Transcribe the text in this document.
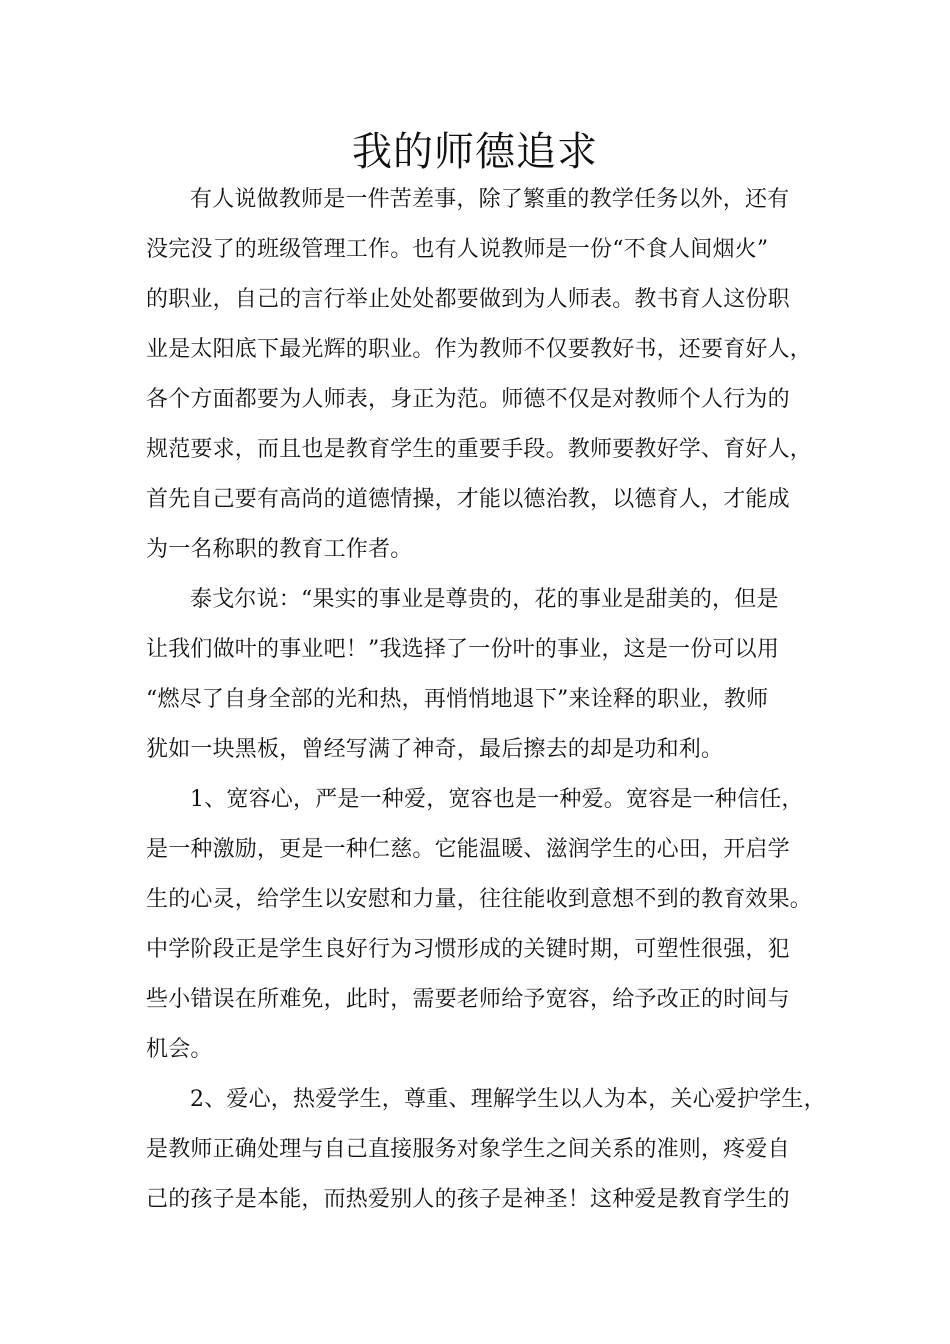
我的师德追求

有人说做教师是一件苦差事，除了繁重的教学任务以外，还有

没完没了的班级管理工作。也有人说教师是一份“不食人间烟火”

的职业，自己的言行举止处处都要做到为人师表。教书育人这份职

业是太阳底下最光辉的职业。作为教师不仅要教好书，还要育好人，

各个方面都要为人师表，身正为范。师德不仅是对教师个人行为的

规范要求，而且也是教育学生的重要手段。教师要教好学、育好人，

首先自己要有高尚的道德情操，才能以德治教，以德育人，才能成

为一名称职的教育工作者。

泰戈尔说：“果实的事业是尊贵的，花的事业是甜美的，但是

让我们做叶的事业吧！”我选择了一份叶的事业，这是一份可以用

“燃尽了自身全部的光和热，再悄悄地退下”来诠释的职业，教师

犹如一块黑板，曾经写满了神奇，最后擦去的却是功和利。

1、宽容心，严是一种爱，宽容也是一种爱。宽容是一种信任，

是一种激励，更是一种仁慈。它能温暖、滋润学生的心田，开启学

生的心灵，给学生以安慰和力量，往往能收到意想不到的教育效果。

中学阶段正是学生良好行为习惯形成的关键时期，可塑性很强，犯

些小错误在所难免，此时，需要老师给予宽容，给予改正的时间与

机会。

2、爱心，热爱学生，尊重、理解学生以人为本，关心爱护学生，

是教师正确处理与自己直接服务对象学生之间关系的准则，疼爱自

己的孩子是本能，而热爱别人的孩子是神圣！这种爱是教育学生的
